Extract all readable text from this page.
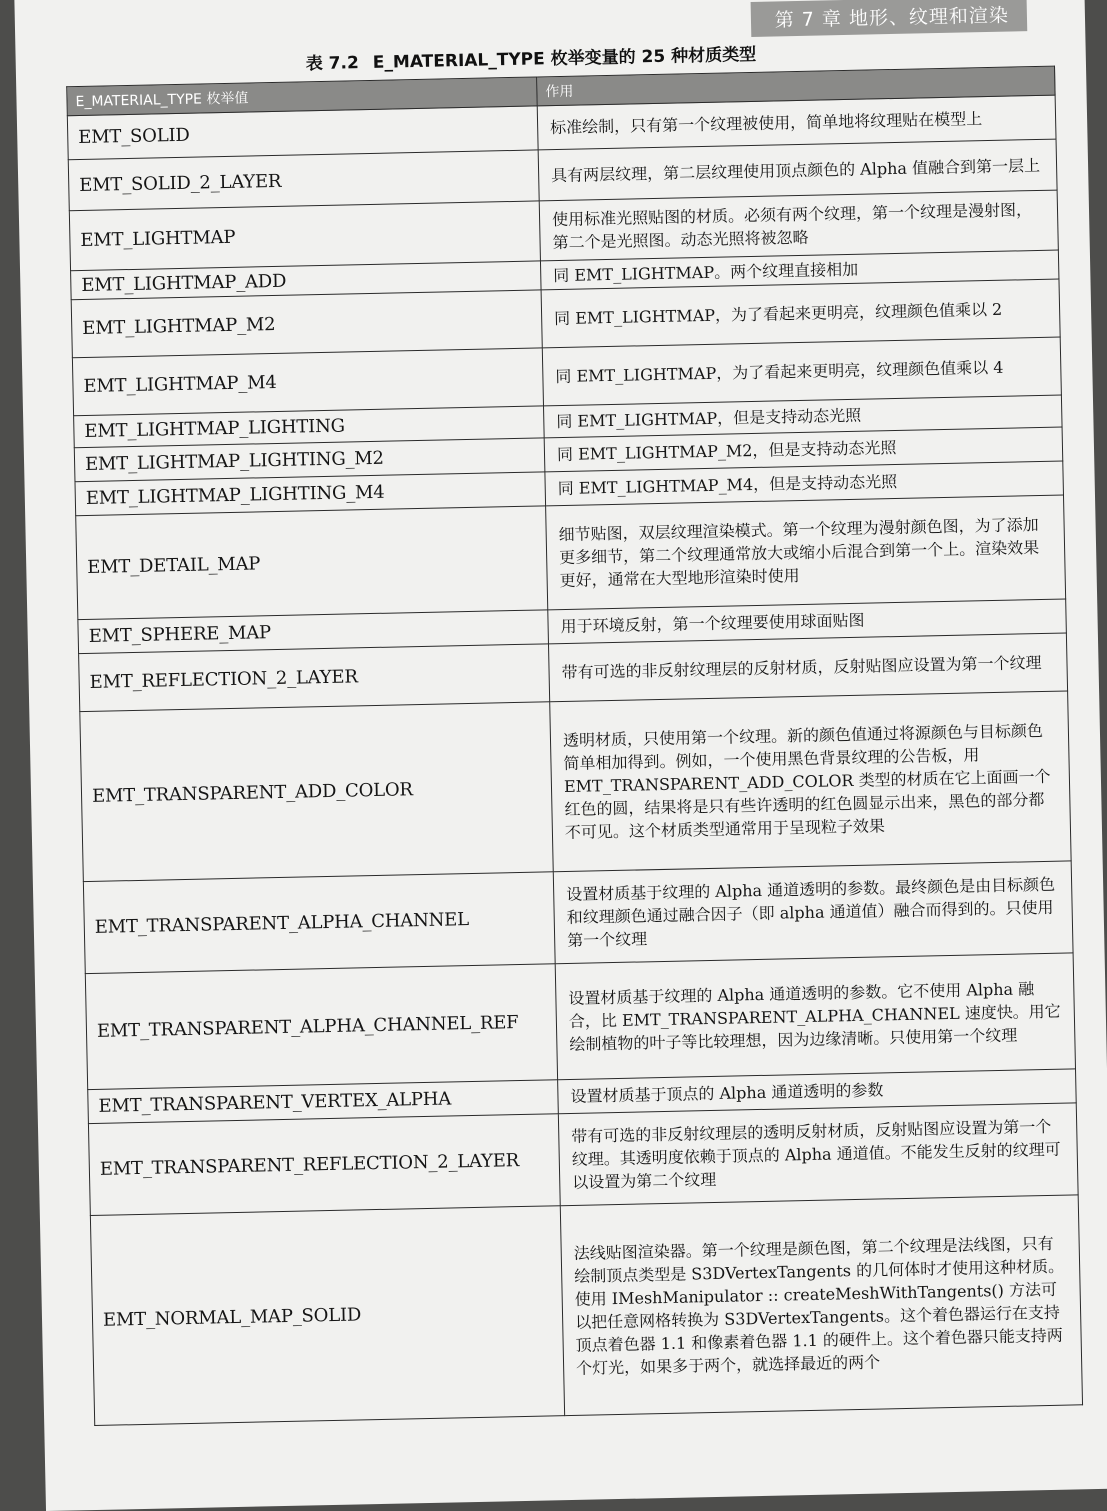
第 7 章 地形、纹理和渲染
表 7.2 E_MATERIAL_TYPE 枚举变量的 25 种材质类型
E_MATERIAL_TYPE 枚举值	作用
EMT_SOLID	标准绘制，只有第一个纹理被使用，简单地将纹理贴在模型上
EMT_SOLID_2_LAYER	具有两层纹理，第二层纹理使用顶点颜色的 Alpha 值融合到第一层上
EMT_LIGHTMAP	使用标准光照贴图的材质。必须有两个纹理，第一个纹理是漫射图，第二个是光照图。动态光照将被忽略
EMT_LIGHTMAP_ADD	同 EMT_LIGHTMAP。两个纹理直接相加
EMT_LIGHTMAP_M2	同 EMT_LIGHTMAP，为了看起来更明亮，纹理颜色值乘以 2
EMT_LIGHTMAP_M4	同 EMT_LIGHTMAP，为了看起来更明亮，纹理颜色值乘以 4
EMT_LIGHTMAP_LIGHTING	同 EMT_LIGHTMAP，但是支持动态光照
EMT_LIGHTMAP_LIGHTING_M2	同 EMT_LIGHTMAP_M2，但是支持动态光照
EMT_LIGHTMAP_LIGHTING_M4	同 EMT_LIGHTMAP_M4，但是支持动态光照
EMT_DETAIL_MAP	细节贴图，双层纹理渲染模式。第一个纹理为漫射颜色图，为了添加更多细节，第二个纹理通常放大或缩小后混合到第一个上。渲染效果更好，通常在大型地形渲染时使用
EMT_SPHERE_MAP	用于环境反射，第一个纹理要使用球面贴图
EMT_REFLECTION_2_LAYER	带有可选的非反射纹理层的反射材质，反射贴图应设置为第一个纹理
EMT_TRANSPARENT_ADD_COLOR	透明材质，只使用第一个纹理。新的颜色值通过将源颜色与目标颜色简单相加得到。例如，一个使用黑色背景纹理的公告板，用 EMT_TRANSPARENT_ADD_COLOR 类型的材质在它上面画一个红色的圆，结果将是只有些许透明的红色圆显示出来，黑色的部分都不可见。这个材质类型通常用于呈现粒子效果
EMT_TRANSPARENT_ALPHA_CHANNEL	设置材质基于纹理的 Alpha 通道透明的参数。最终颜色是由目标颜色和纹理颜色通过融合因子（即 alpha 通道值）融合而得到的。只使用第一个纹理
EMT_TRANSPARENT_ALPHA_CHANNEL_REF	设置材质基于纹理的 Alpha 通道透明的参数。它不使用 Alpha 融合，比 EMT_TRANSPARENT_ALPHA_CHANNEL 速度快。用它绘制植物的叶子等比较理想，因为边缘清晰。只使用第一个纹理
EMT_TRANSPARENT_VERTEX_ALPHA	设置材质基于顶点的 Alpha 通道透明的参数
EMT_TRANSPARENT_REFLECTION_2_LAYER	带有可选的非反射纹理层的透明反射材质，反射贴图应设置为第一个纹理。其透明度依赖于顶点的 Alpha 通道值。不能发生反射的纹理可以设置为第二个纹理
EMT_NORMAL_MAP_SOLID	法线贴图渲染器。第一个纹理是颜色图，第二个纹理是法线图，只有绘制顶点类型是 S3DVertexTangents 的几何体时才使用这种材质。使用 IMeshManipulator :: createMeshWithTangents() 方法可以把任意网格转换为 S3DVertexTangents。这个着色器运行在支持顶点着色器 1.1 和像素着色器 1.1 的硬件上。这个着色器只能支持两个灯光，如果多于两个，就选择最近的两个
